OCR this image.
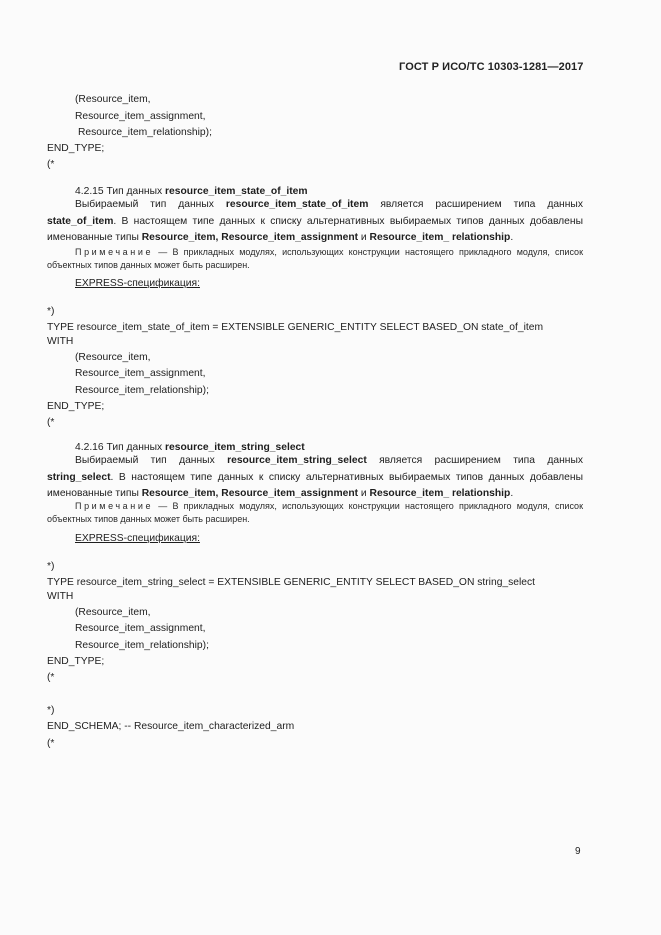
ГОСТ Р ИСО/ТС 10303-1281—2017
(Resource_item,
Resource_item_assignment,
Resource_item_relationship);
END_TYPE;
(*
4.2.15 Тип данных resource_item_state_of_item
Выбираемый тип данных resource_item_state_of_item является расширением типа данных state_of_item. В настоящем типе данных к списку альтернативных выбираемых типов данных добавлены именованные типы Resource_item, Resource_item_assignment и Resource_item_ relationship.
Примечание — В прикладных модулях, использующих конструкции настоящего прикладного модуля, список объектных типов данных может быть расширен.
EXPRESS-спецификация:
*)
TYPE resource_item_state_of_item = EXTENSIBLE GENERIC_ENTITY SELECT BASED_ON state_of_item
WITH
(Resource_item,
Resource_item_assignment,
Resource_item_relationship);
END_TYPE;
(*
4.2.16 Тип данных resource_item_string_select
Выбираемый тип данных resource_item_string_select является расширением типа данных string_select. В настоящем типе данных к списку альтернативных выбираемых типов данных добавлены именованные типы Resource_item, Resource_item_assignment и Resource_item_ relationship.
Примечание — В прикладных модулях, использующих конструкции настоящего прикладного модуля, список объектных типов данных может быть расширен.
EXPRESS-спецификация:
*)
TYPE resource_item_string_select = EXTENSIBLE GENERIC_ENTITY SELECT BASED_ON string_select
WITH
(Resource_item,
Resource_item_assignment,
Resource_item_relationship);
END_TYPE;
(*
*)
END_SCHEMA; -- Resource_item_characterized_arm
(*
9
